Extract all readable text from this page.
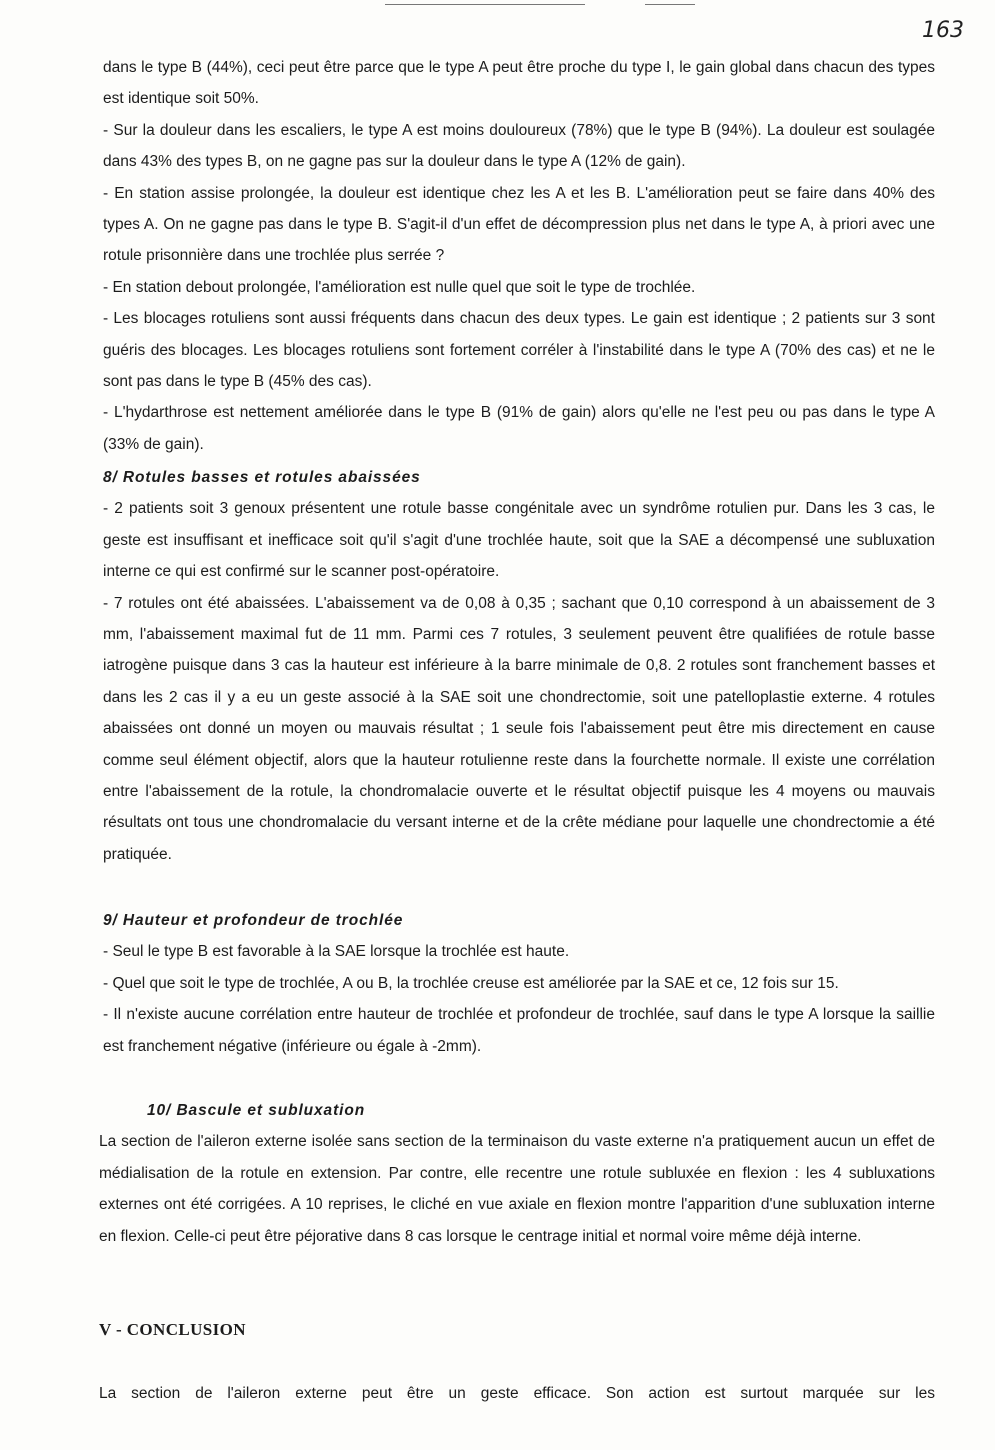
163

dans le type B (44%), ceci peut être parce que le type A peut être proche du type I, le gain global dans chacun des types est identique soit 50%.

- Sur la douleur dans les escaliers, le type A est moins douloureux (78%) que le type B (94%). La douleur est soulagée dans 43% des types B, on ne gagne pas sur la douleur dans le type A (12% de gain).

- En station assise prolongée, la douleur est identique chez les A et les B. L'amélioration peut se faire dans 40% des types A. On ne gagne pas dans le type B. S'agit-il d'un effet de décompression plus net dans le type A, à priori avec une rotule prisonnière dans une trochlée plus serrée ?

- En station debout prolongée, l'amélioration est nulle quel que soit le type de trochlée.

- Les blocages rotuliens sont aussi fréquents dans chacun des deux types. Le gain est identique ; 2 patients sur 3 sont guéris des blocages. Les blocages rotuliens sont fortement corréler à l'instabilité dans le type A (70% des cas) et ne le sont pas dans le type B (45% des cas).

- L'hydarthrose est nettement améliorée dans le type B (91% de gain) alors qu'elle ne l'est peu ou pas dans le type A (33% de gain).

8/ Rotules basses et rotules abaissées

- 2 patients soit 3 genoux présentent une rotule basse congénitale avec un syndrôme rotulien pur. Dans les 3 cas, le geste est insuffisant et inefficace soit qu'il s'agit d'une trochlée haute, soit que la SAE a décompensé une subluxation interne ce qui est confirmé sur le scanner post-opératoire.

- 7 rotules ont été abaissées. L'abaissement va de 0,08 à 0,35 ; sachant que 0,10 correspond à un abaissement de 3 mm, l'abaissement maximal fut de 11 mm. Parmi ces 7 rotules, 3 seulement peuvent être qualifiées de rotule basse iatrogène puisque dans 3 cas la hauteur est inférieure à la barre minimale de 0,8. 2 rotules sont franchement basses et dans les 2 cas il y a eu un geste associé à la SAE soit une chondrectomie, soit une patelloplastie externe. 4 rotules abaissées ont donné un moyen ou mauvais résultat ; 1 seule fois l'abaissement peut être mis directement en cause comme seul élément objectif, alors que la hauteur rotulienne reste dans la fourchette normale. Il existe une corrélation entre l'abaissement de la rotule, la chondromalacie ouverte et le résultat objectif puisque les 4 moyens ou mauvais résultats ont tous une chondromalacie du versant interne et de la crête médiane pour laquelle une chondrectomie a été pratiquée.

9/ Hauteur et profondeur de trochlée

- Seul le type B est favorable à la SAE lorsque la trochlée est haute.

- Quel que soit le type de trochlée, A ou B, la trochlée creuse est améliorée par la SAE et ce, 12 fois sur 15.

- Il n'existe aucune corrélation entre hauteur de trochlée et profondeur de trochlée, sauf dans le type A lorsque la saillie est franchement négative (inférieure ou égale à -2mm).

10/ Bascule et subluxation

La section de l'aileron externe isolée sans section de la terminaison du vaste externe n'a pratiquement aucun un effet de médialisation de la rotule en extension. Par contre, elle recentre une rotule subluxée en flexion : les 4 subluxations externes ont été corrigées. A 10 reprises, le cliché en vue axiale en flexion montre l'apparition d'une subluxation interne en flexion. Celle-ci peut être péjorative dans 8 cas lorsque le centrage initial et normal voire même déjà interne.

V - CONCLUSION

La section de l'aileron externe peut être un geste efficace. Son action est surtout marquée sur les
